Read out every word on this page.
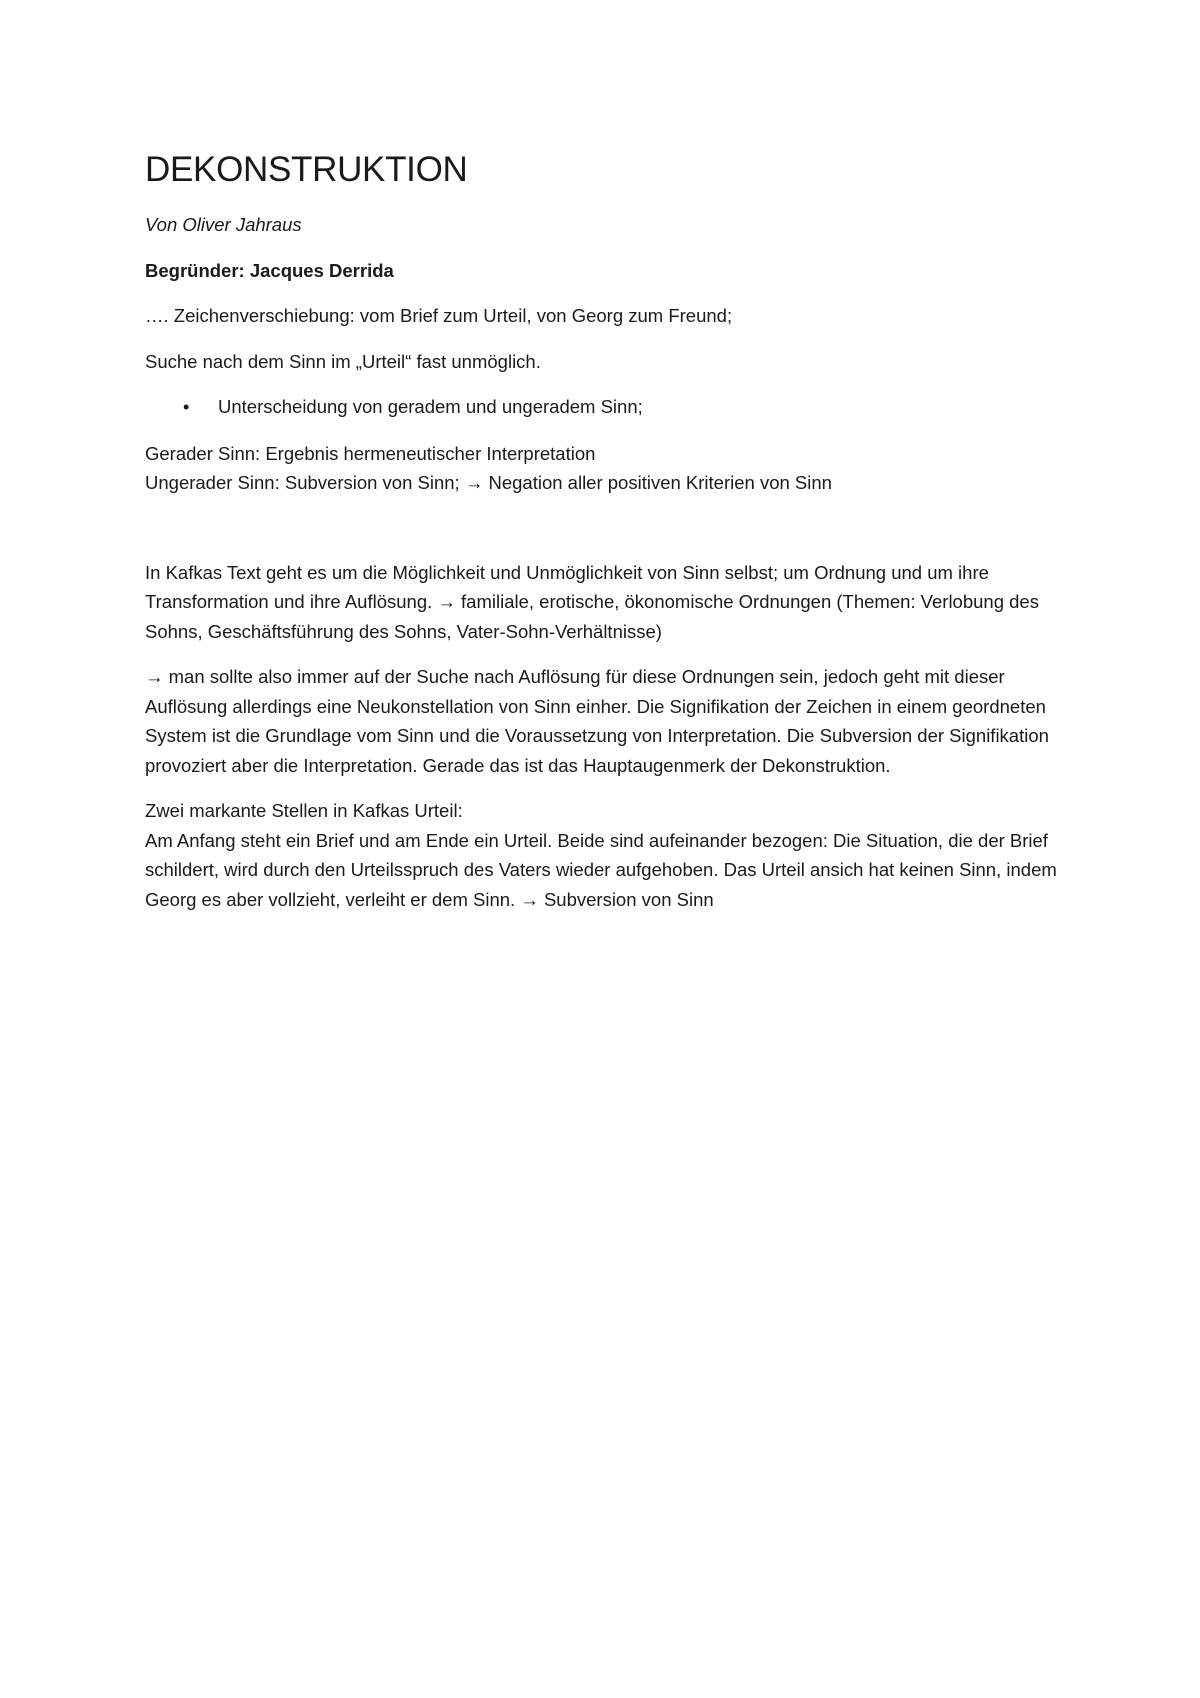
DEKONSTRUKTION

Von Oliver Jahraus

Begründer: Jacques Derrida

…. Zeichenverschiebung: vom Brief zum Urteil, von Georg zum Freund;

Suche nach dem Sinn im „Urteil“ fast unmöglich.

•	Unterscheidung von geradem und ungeradem Sinn;

Gerader Sinn: Ergebnis hermeneutischer Interpretation
Ungerader Sinn: Subversion von Sinn; → Negation aller positiven Kriterien von Sinn

In Kafkas Text geht es um die Möglichkeit und Unmöglichkeit von Sinn selbst; um Ordnung und um ihre Transformation und ihre Auflösung. → familiale, erotische, ökonomische Ordnungen (Themen: Verlobung des Sohns, Geschäftsführung des Sohns, Vater-Sohn-Verhältnisse)

→ man sollte also immer auf der Suche nach Auflösung für diese Ordnungen sein, jedoch geht mit dieser Auflösung allerdings eine Neukonstellation von Sinn einher. Die Signifikation der Zeichen in einem geordneten System ist die Grundlage vom Sinn und die Voraussetzung von Interpretation. Die Subversion der Signifikation provoziert aber die Interpretation. Gerade das ist das Hauptaugenmerk der Dekonstruktion.

Zwei markante Stellen in Kafkas Urteil:
Am Anfang steht ein Brief und am Ende ein Urteil. Beide sind aufeinander bezogen: Die Situation, die der Brief schildert, wird durch den Urteilsspruch des Vaters wieder aufgehoben. Das Urteil ansich hat keinen Sinn, indem Georg es aber vollzieht, verleiht er dem Sinn. → Subversion von Sinn
